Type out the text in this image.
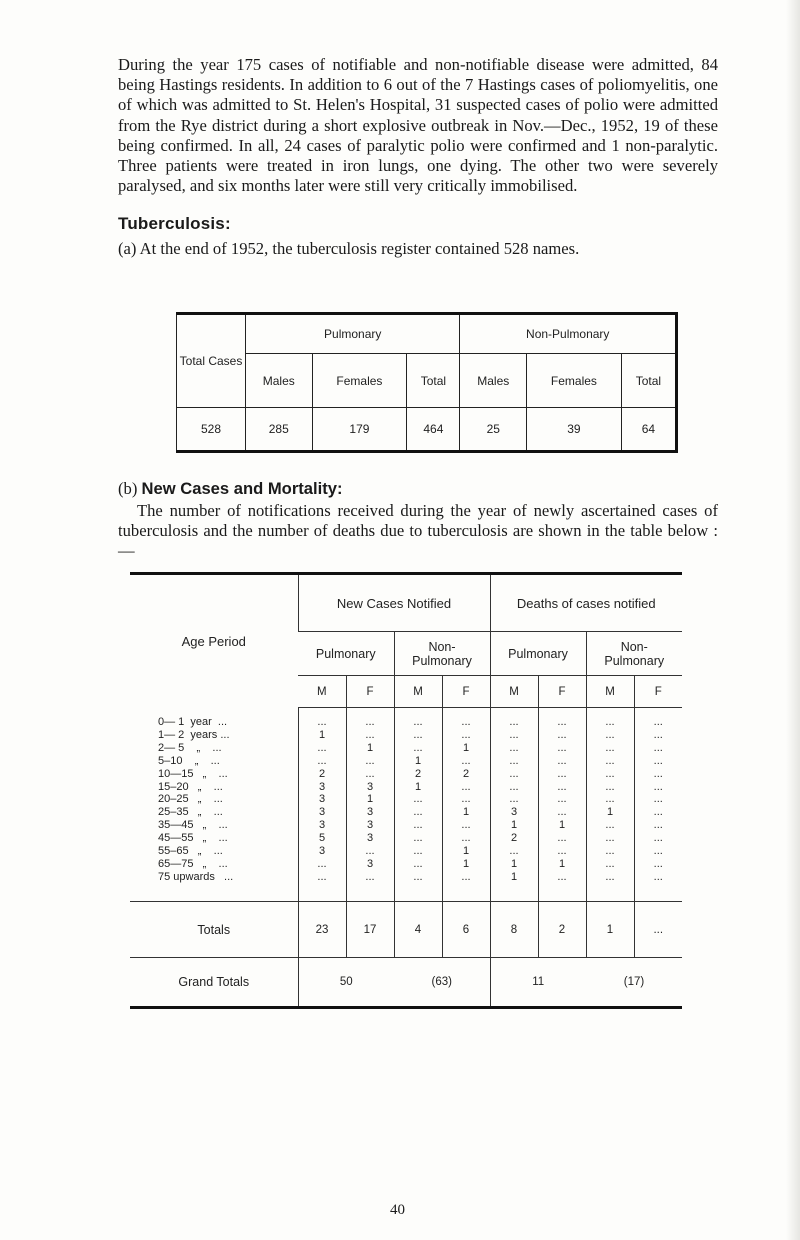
During the year 175 cases of notifiable and non-notifiable disease were admitted, 84 being Hastings residents. In addition to 6 out of the 7 Hastings cases of poliomyelitis, one of which was admitted to St. Helen's Hospital, 31 suspected cases of polio were admitted from the Rye district during a short explosive outbreak in Nov.—Dec., 1952, 19 of these being confirmed. In all, 24 cases of paralytic polio were confirmed and 1 non-paralytic. Three patients were treated in iron lungs, one dying. The other two were severely paralysed, and six months later were still very critically immobilised.

Tuberculosis:
(a) At the end of 1952, the tuberculosis register contained 528 names.
Total Cases	Pulmonary			Non-Pulmonary		
	Males	Females	Total	Males	Females	Total
528	285	179	464	25	39	64
(b) New Cases and Mortality:

The number of notifications received during the year of newly ascertained cases of tuberculosis and the number of deaths due to tuberculosis are shown in the table below :—

Age Period	New Cases Notified				Deaths of cases notified			
	Pulmonary		Non-Pulmonary		Pulmonary		Non-Pulmonary	
	M	F	M	F	M	F	M	F
0— 1  year  ...	...	...	...	...	...	...	...	...
1— 2  years ...	1	...	...	...	...	...	...	...
2— 5    „    ...	...	1	...	1	...	...	...	...
5–10    „    ...	...	...	1	...	...	...	...	...
10—15   „    ...	2	...	2	2	...	...	...	...
15–20   „    ...	3	3	1	...	...	...	...	...
20–25   „    ...	3	1	...	...	...	...	...	...
25–35   „    ...	3	3	...	1	3	...	1	...
35—45   „    ...	3	3	...	...	1	1	...	...
45—55   „    ...	5	3	...	...	2	...	...	...
55–65   „    ...	3	...	...	1	...	...	...	...
65—75   „    ...	...	3	...	1	1	1	...	...
75 upwards   ...	...	...	...	...	1	...	...	...

Totals	23	17	4	6	8	2	1	...
Grand Totals	50		(63)		11		(17)	
40
